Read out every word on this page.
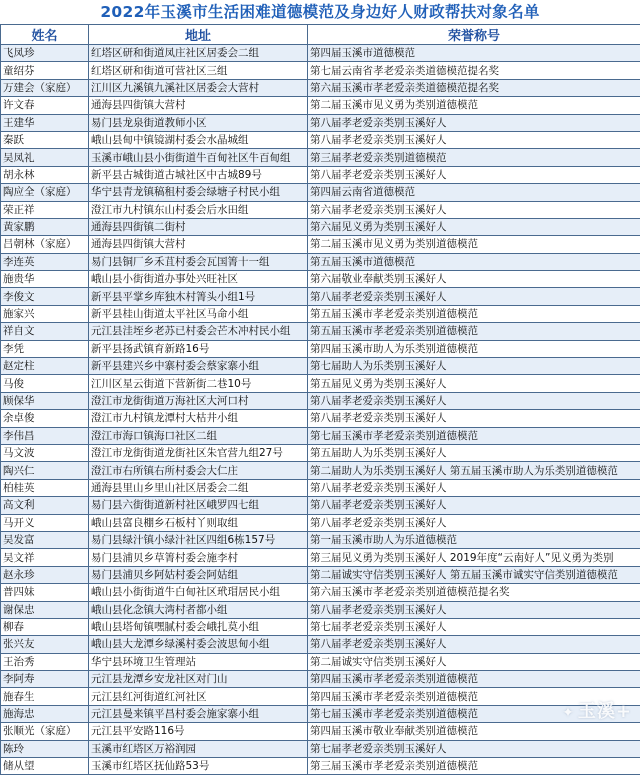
2022年玉溪市生活困难道德模范及身边好人财政帮扶对象名单
姓名	地址	荣誉称号
飞凤珍	红塔区研和街道凤庄社区居委会二组	第四届玉溪市道德模范
童绍芬	红塔区研和街道可营社区三组	第七届云南省孝老爱亲类道德模范提名奖
万建会（家庭）	江川区九溪镇九溪社区居委会大营村	第六届玉溪市孝老爱亲类道德模范提名奖
许文春	通海县四街镇大营村	第二届玉溪市见义勇为类别道德模范
王建华	易门县龙泉街道教师小区	第八届孝老爱亲类别玉溪好人
秦跃	峨山县甸中镇镜湖村委会水晶城组	第八届孝老爱亲类别玉溪好人
吴凤礼	玉溪市峨山县小街街道牛百甸社区牛百甸组	第三届孝老爱亲类别道德模范
胡永林	新平县古城街道古城社区中古城89号	第八届孝老爱亲类别玉溪好人
陶应全（家庭）	华宁县青龙镇稿租村委会绿塘子村民小组	第四届云南省道德模范
荣正祥	澄江市九村镇东山村委会后水田组	第六届孝老爱亲类别玉溪好人
黄家鹏	通海县四街镇二街村	第六届见义勇为类别玉溪好人
吕朝林（家庭）	通海县四街镇大营村	第二届玉溪市见义勇为类别道德模范
李连英	易门县铜厂乡禾苴村委会瓦国箐十一组	第五届玉溪市道德模范
施贵华	峨山县小街街道办事处兴旺社区	第六届敬业奉献类别玉溪好人
李俊文	新平县平掌乡库独木村箐头小组1号	第八届孝老爱亲类别玉溪好人
施家兴	新平县桂山街道太平社区马命小组	第五届玉溪市孝老爱亲类别道德模范
祥自文	元江县洼垤乡老苏已村委会芒木冲村民小组	第五届玉溪市孝老爱亲类别道德模范
李凭	新平县扬武镇育新路16号	第四届玉溪市助人为乐类别道德模范
赵定柱	新平县建兴乡中寨村委会蔡家寨小组	第七届助人为乐类别玉溪好人
马俊	江川区星云街道下营新街二巷10号	第五届见义勇为类别玉溪好人
顾保华	澄江市龙街街道万海社区大河口村	第八届孝老爱亲类别玉溪好人
余卓俊	澄江市九村镇龙潭村大枯井小组	第八届孝老爱亲类别玉溪好人
李伟昌	澄江市海口镇海口社区二组	第七届玉溪市孝老爱亲类别道德模范
马文波	澄江市龙街街道龙街社区朱官营九组27号	第五届助人为乐类别玉溪好人
陶兴仁	澄江市右所镇右所村委会大仁庄	第二届助人为乐类别玉溪好人 第五届玉溪市助人为乐类别道德模范
柏桂英	通海县里山乡里山社区居委会二组	第八届孝老爱亲类别玉溪好人
高文利	易门县六街街道新村社区峨罗四七组	第八届孝老爱亲类别玉溪好人
马开义	峨山县富良棚乡石板村丫则取组	第八届孝老爱亲类别玉溪好人
吴发富	易门县绿汁镇小绿汁社区四组6栋157号	第一届玉溪市助人为乐道德模范
吴文祥	易门县浦贝乡草箐村委会施李村	第三届见义勇为类别玉溪好人 2019年度“云南好人”见义勇为类别
赵永珍	易门县浦贝乡阿姑村委会阿姑组	第二届诚实守信类别玉溪好人 第五届玉溪市诚实守信类别道德模范
普四妹	峨山县小街街道牛白甸社区玳瑁居民小组	第六届玉溪市孝老爱亲类别道德模范提名奖
谢保忠	峨山县化念镇大湾村者都小组	第八届孝老爱亲类别玉溪好人
柳春	峨山县塔甸镇嘿腻村委会峨扎莫小组	第七届孝老爱亲类别玉溪好人
张兴友	峨山县大龙潭乡绿溪村委会波思甸小组	第八届孝老爱亲类别玉溪好人
王治秀	华宁县环境卫生管理站	第二届诚实守信类别玉溪好人
李阿寿	元江县龙潭乡安龙社区对门山	第四届玉溪市孝老爱亲类别道德模范
施春生	元江县红河街道红河社区	第四届玉溪市孝老爱亲类别道德模范
施海忠	元江县曼来镇平昌村委会施家寨小组	第七届玉溪市孝老爱亲类别道德模范
张顺光（家庭）	元江县平安路116号	第四届玉溪市敬业奉献类别道德模范
陈玲	玉溪市红塔区万裕润园	第七届孝老爱亲类别玉溪好人
储从望	玉溪市红塔区抚仙路53号	第三届玉溪市孝老爱亲类别道德模范
✦ 玉溪+
